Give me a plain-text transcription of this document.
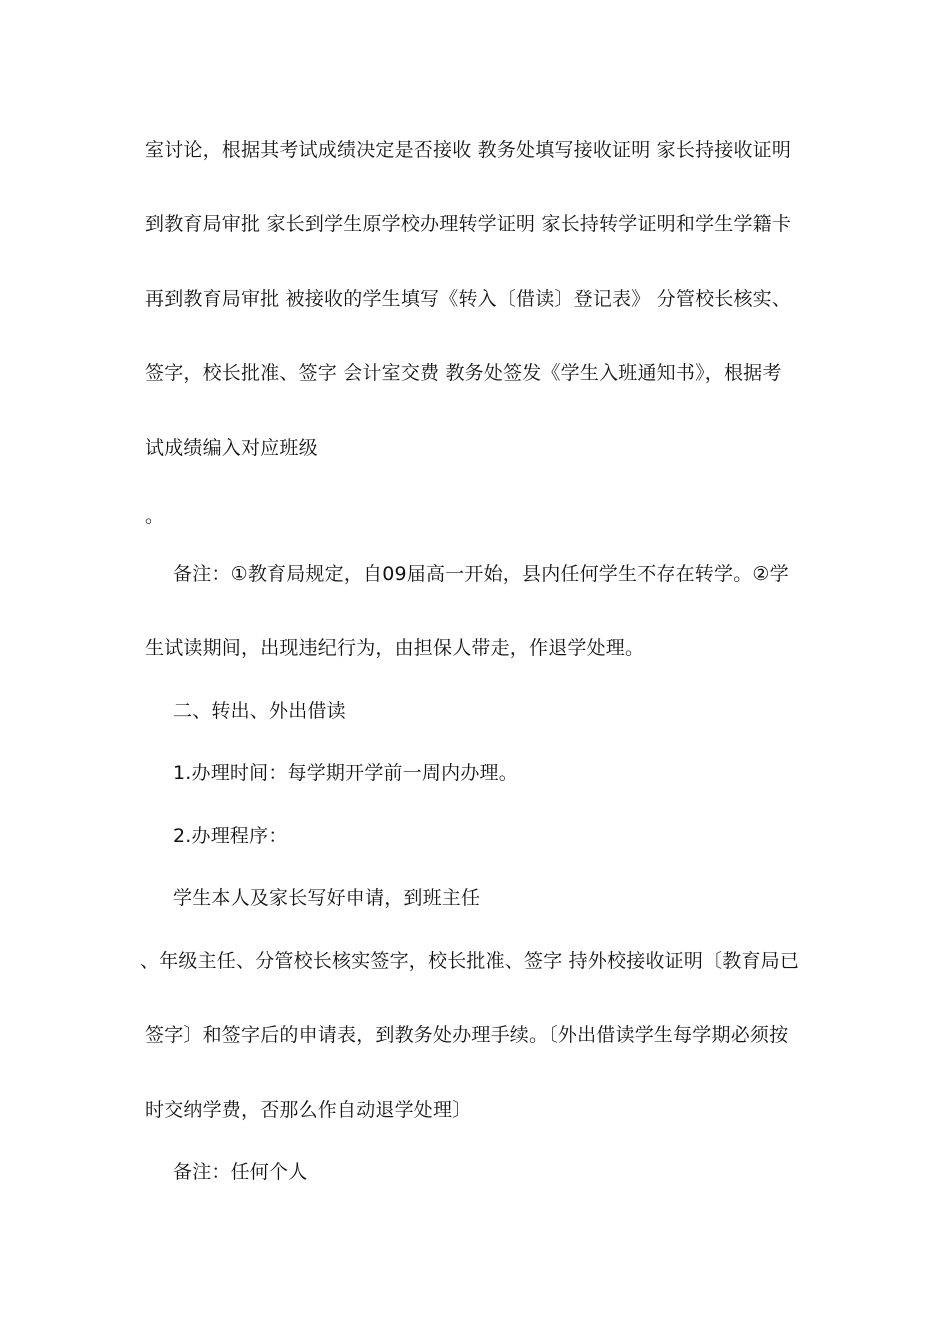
室讨论，根据其考试成绩决定是否接收 教务处填写接收证明 家长持接收证明
到教育局审批 家长到学生原学校办理转学证明 家长持转学证明和学生学籍卡
再到教育局审批 被接收的学生填写《转入〔借读〕登记表》 分管校长核实、
签字，校长批准、签字 会计室交费 教务处签发《学生入班通知书》，根据考
试成绩编入对应班级
。
备注：①教育局规定，自09届高一开始，县内任何学生不存在转学。②学
生试读期间，出现违纪行为，由担保人带走，作退学处理。
二、转出、外出借读
1.办理时间：每学期开学前一周内办理。
2.办理程序：
学生本人及家长写好申请，到班主任
、年级主任、分管校长核实签字，校长批准、签字 持外校接收证明〔教育局已
签字〕和签字后的申请表，到教务处办理手续。〔外出借读学生每学期必须按
时交纳学费，否那么作自动退学处理〕
备注：任何个人
